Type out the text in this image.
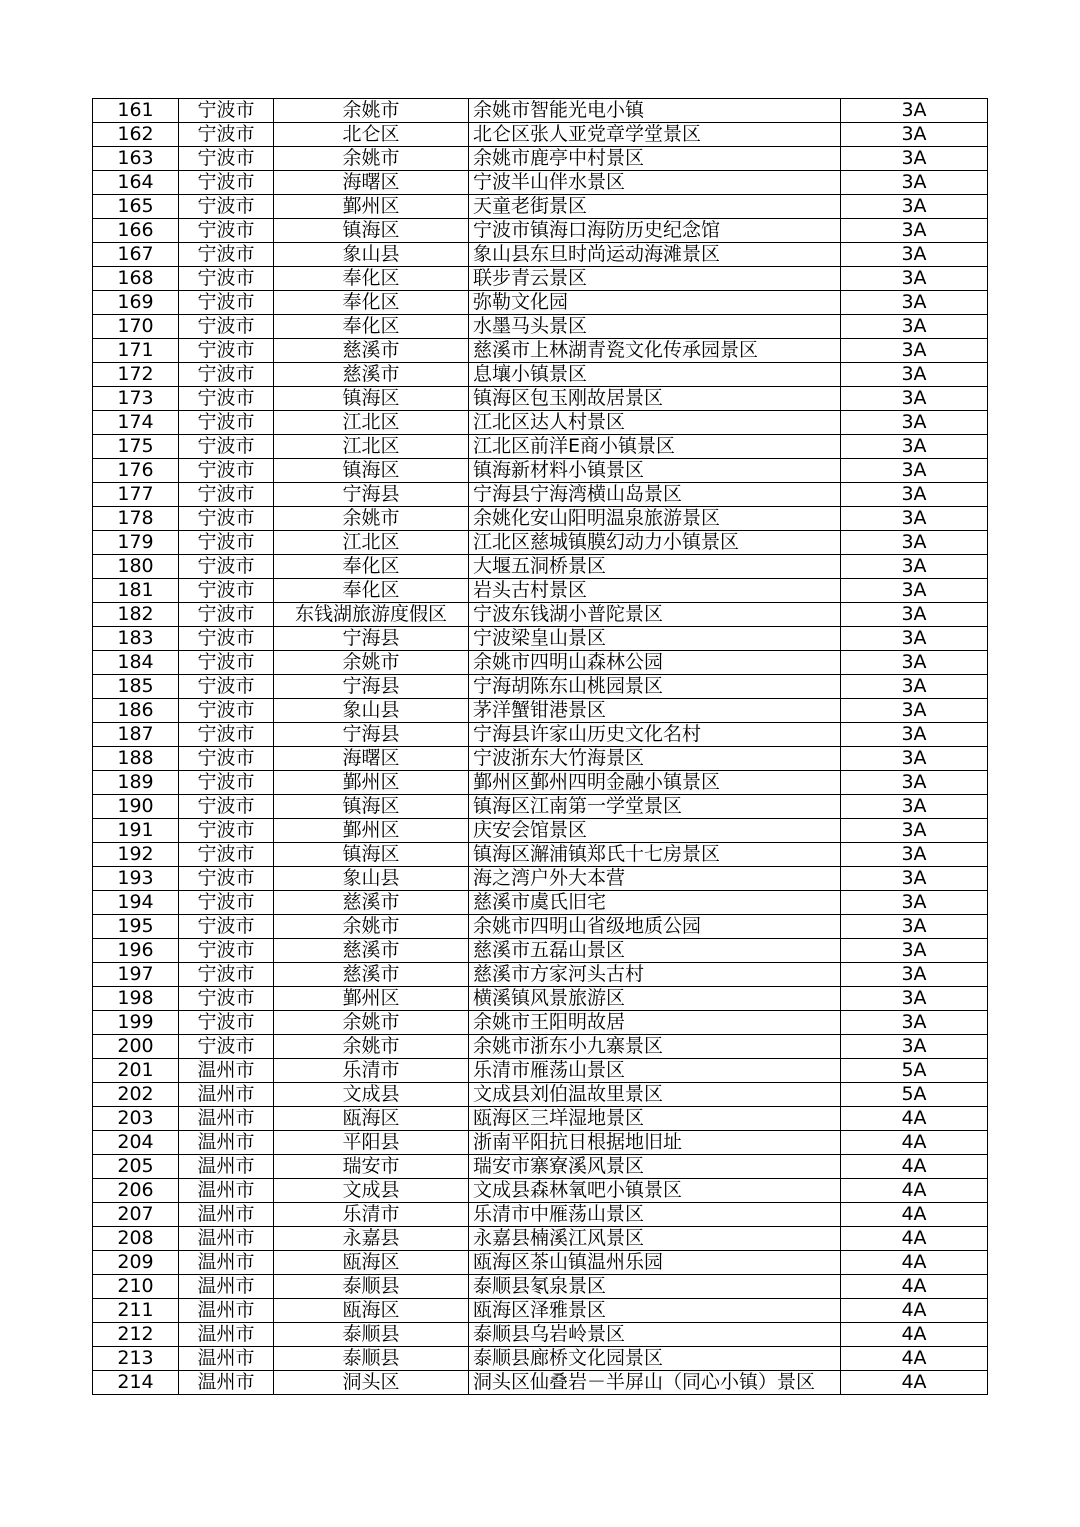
161	宁波市	余姚市	余姚市智能光电小镇	3A
162	宁波市	北仑区	北仑区张人亚党章学堂景区	3A
163	宁波市	余姚市	余姚市鹿亭中村景区	3A
164	宁波市	海曙区	宁波半山伴水景区	3A
165	宁波市	鄞州区	天童老街景区	3A
166	宁波市	镇海区	宁波市镇海口海防历史纪念馆	3A
167	宁波市	象山县	象山县东旦时尚运动海滩景区	3A
168	宁波市	奉化区	联步青云景区	3A
169	宁波市	奉化区	弥勒文化园	3A
170	宁波市	奉化区	水墨马头景区	3A
171	宁波市	慈溪市	慈溪市上林湖青瓷文化传承园景区	3A
172	宁波市	慈溪市	息壤小镇景区	3A
173	宁波市	镇海区	镇海区包玉刚故居景区	3A
174	宁波市	江北区	江北区达人村景区	3A
175	宁波市	江北区	江北区前洋E商小镇景区	3A
176	宁波市	镇海区	镇海新材料小镇景区	3A
177	宁波市	宁海县	宁海县宁海湾横山岛景区	3A
178	宁波市	余姚市	余姚化安山阳明温泉旅游景区	3A
179	宁波市	江北区	江北区慈城镇膜幻动力小镇景区	3A
180	宁波市	奉化区	大堰五洞桥景区	3A
181	宁波市	奉化区	岩头古村景区	3A
182	宁波市	东钱湖旅游度假区	宁波东钱湖小普陀景区	3A
183	宁波市	宁海县	宁波梁皇山景区	3A
184	宁波市	余姚市	余姚市四明山森林公园	3A
185	宁波市	宁海县	宁海胡陈东山桃园景区	3A
186	宁波市	象山县	茅洋蟹钳港景区	3A
187	宁波市	宁海县	宁海县许家山历史文化名村	3A
188	宁波市	海曙区	宁波浙东大竹海景区	3A
189	宁波市	鄞州区	鄞州区鄞州四明金融小镇景区	3A
190	宁波市	镇海区	镇海区江南第一学堂景区	3A
191	宁波市	鄞州区	庆安会馆景区	3A
192	宁波市	镇海区	镇海区澥浦镇郑氏十七房景区	3A
193	宁波市	象山县	海之湾户外大本营	3A
194	宁波市	慈溪市	慈溪市虞氏旧宅	3A
195	宁波市	余姚市	余姚市四明山省级地质公园	3A
196	宁波市	慈溪市	慈溪市五磊山景区	3A
197	宁波市	慈溪市	慈溪市方家河头古村	3A
198	宁波市	鄞州区	横溪镇风景旅游区	3A
199	宁波市	余姚市	余姚市王阳明故居	3A
200	宁波市	余姚市	余姚市浙东小九寨景区	3A
201	温州市	乐清市	乐清市雁荡山景区	5A
202	温州市	文成县	文成县刘伯温故里景区	5A
203	温州市	瓯海区	瓯海区三垟湿地景区	4A
204	温州市	平阳县	浙南平阳抗日根据地旧址	4A
205	温州市	瑞安市	瑞安市寨寮溪风景区	4A
206	温州市	文成县	文成县森林氧吧小镇景区	4A
207	温州市	乐清市	乐清市中雁荡山景区	4A
208	温州市	永嘉县	永嘉县楠溪江风景区	4A
209	温州市	瓯海区	瓯海区茶山镇温州乐园	4A
210	温州市	泰顺县	泰顺县氡泉景区	4A
211	温州市	瓯海区	瓯海区泽雅景区	4A
212	温州市	泰顺县	泰顺县乌岩岭景区	4A
213	温州市	泰顺县	泰顺县廊桥文化园景区	4A
214	温州市	洞头区	洞头区仙叠岩－半屏山（同心小镇）景区	4A
